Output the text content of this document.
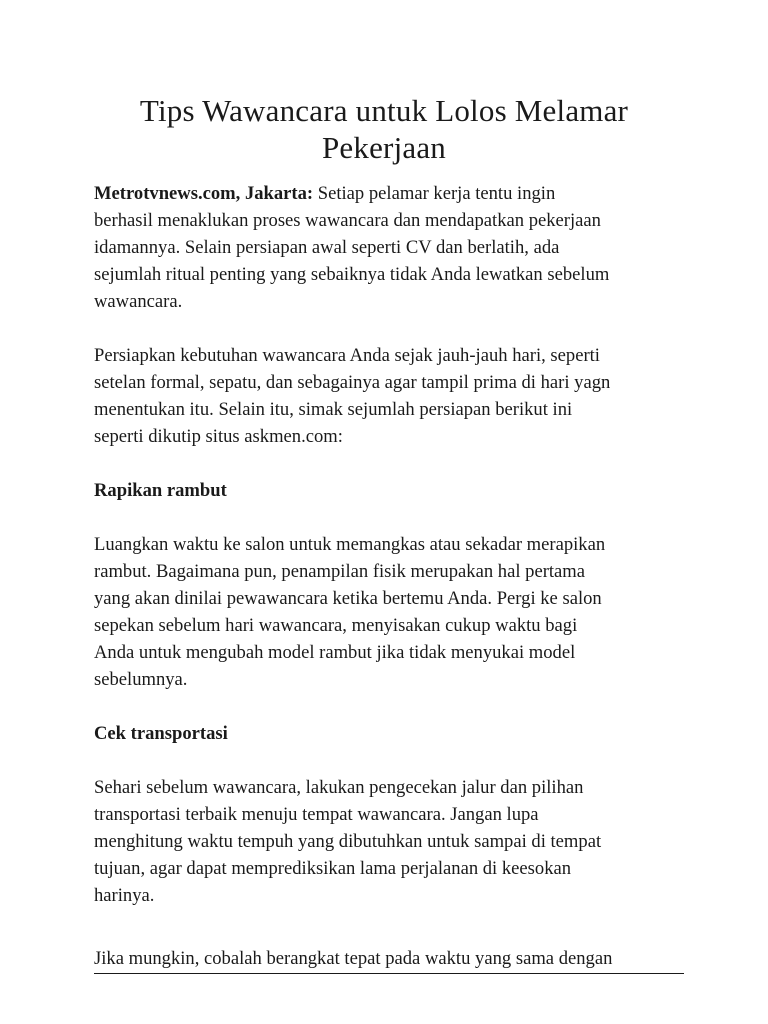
Tips Wawancara untuk Lolos Melamar
Pekerjaan

Metrotvnews.com, Jakarta: Setiap pelamar kerja tentu ingin
berhasil menaklukan proses wawancara dan mendapatkan pekerjaan
idamannya. Selain persiapan awal seperti CV dan berlatih, ada
sejumlah ritual penting yang sebaiknya tidak Anda lewatkan sebelum
wawancara.

Persiapkan kebutuhan wawancara Anda sejak jauh-jauh hari, seperti
setelan formal, sepatu, dan sebagainya agar tampil prima di hari yagn
menentukan itu. Selain itu, simak sejumlah persiapan berikut ini
seperti dikutip situs askmen.com:

Rapikan rambut

Luangkan waktu ke salon untuk memangkas atau sekadar merapikan
rambut. Bagaimana pun, penampilan fisik merupakan hal pertama
yang akan dinilai pewawancara ketika bertemu Anda. Pergi ke salon
sepekan sebelum hari wawancara, menyisakan cukup waktu bagi
Anda untuk mengubah model rambut jika tidak menyukai model
sebelumnya.

Cek transportasi

Sehari sebelum wawancara, lakukan pengecekan jalur dan pilihan
transportasi terbaik menuju tempat wawancara. Jangan lupa
menghitung waktu tempuh yang dibutuhkan untuk sampai di tempat
tujuan, agar dapat memprediksikan lama perjalanan di keesokan
harinya.

Jika mungkin, cobalah berangkat tepat pada waktu yang sama dengan
